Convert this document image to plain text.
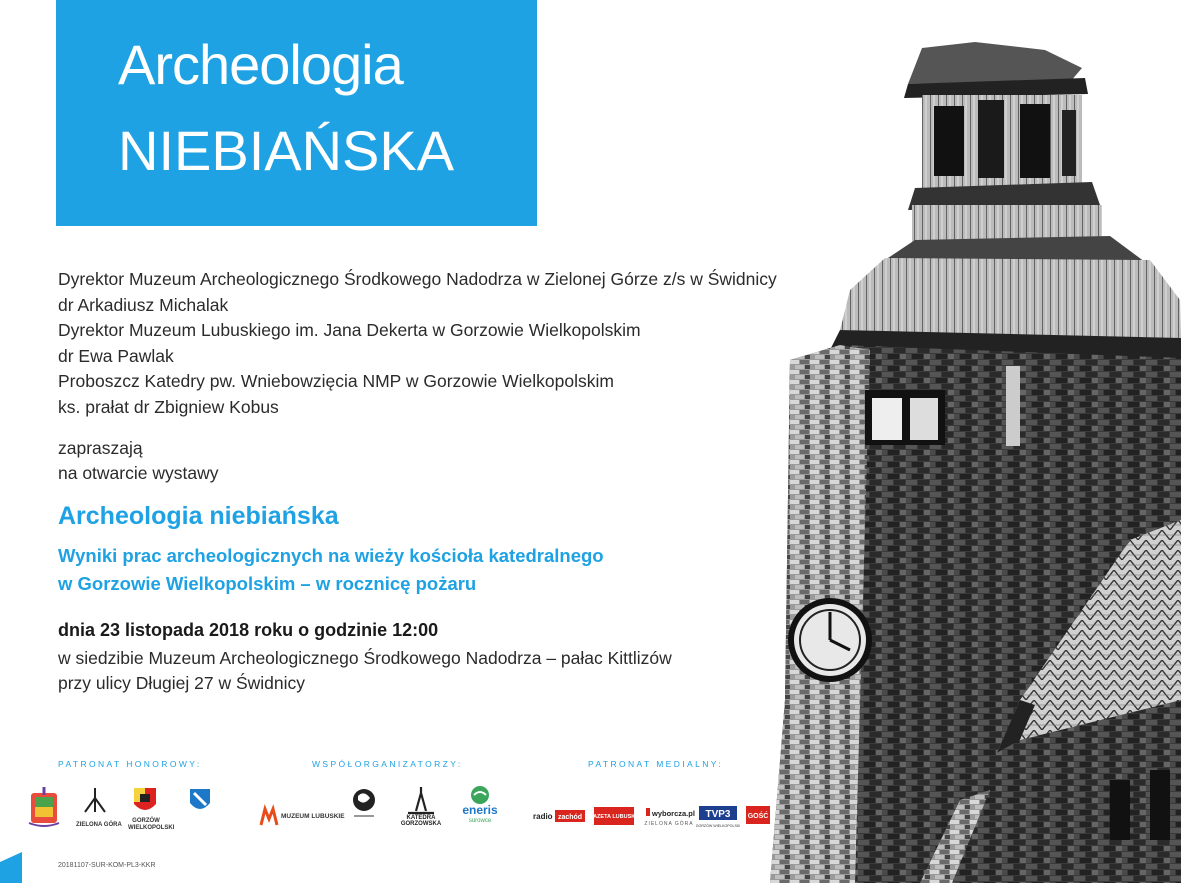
Archeologia
NIEBIAŃSKA
Dyrektor Muzeum Archeologicznego Środkowego Nadodrza w Zielonej Górze z/s w Świdnicy
dr Arkadiusz Michalak
Dyrektor Muzeum Lubuskiego im. Jana Dekerta w Gorzowie Wielkopolskim
dr Ewa Pawlak
Proboszcz Katedry pw. Wniebowzięcia NMP w Gorzowie Wielkopolskim
ks. prałat dr Zbigniew Kobus
zapraszają
na otwarcie wystawy
Archeologia niebiańska
Wyniki prac archeologicznych na wieży kościoła katedralnego
w Gorzowie Wielkopolskim – w rocznicę pożaru
dnia 23 listopada 2018 roku o godzinie 12:00
w siedzibie Muzeum Archeologicznego Środkowego Nadodrza – pałac Kittlizów
przy ulicy Długiej 27 w Świdnicy
PATRONAT HONOROWY:	WSPÓŁORGANIZATORZY:	PATRONAT MEDIALNY:
ZIELONA GÓRA
GORZÓW
WIELKOPOLSKI
MUZEUM LUBUSKIE	KATEDRA
GORZOWSKA
eneris
surowce	radio zachód GAZETA LUBUSKA wyborcza.pl
ZIELONA GÓRA
TVP3
GORZÓW WIELKOPOLSKI
GOŚĆ
20181107-SUR-KOM-PL3-KKR
